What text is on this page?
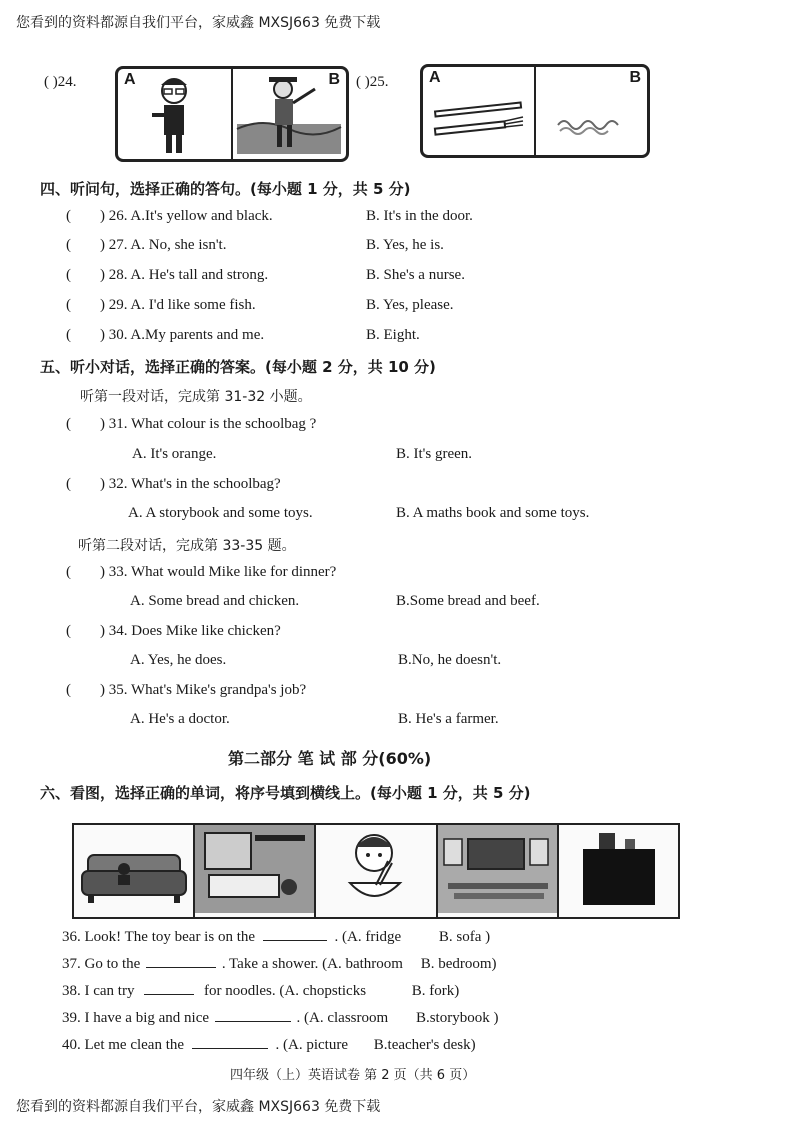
您看到的资料都源自我们平台，家威鑫 MXSJ663 免费下载
( )24.	A	B ( )25.	A	B
四、听问句，选择正确的答句。(每小题 1 分，共 5 分)
( ) 26. A.It's yellow and black.	B. It's in the door.
( ) 27. A. No, she isn't.	B. Yes, he is.
( ) 28. A. He's tall and strong.	B. She's a nurse.
( ) 29. A. I'd like some fish.	B. Yes, please.
( ) 30. A.My parents and me.	B. Eight.
五、听小对话，选择正确的答案。(每小题 2 分，共 10 分)
听第一段对话，完成第 31-32 小题。
( ) 31. What colour is the schoolbag ?
A. It's orange.	B. It's green.
( ) 32. What's in the schoolbag?
A. A storybook and some toys.	B. A maths book and some toys.
听第二段对话，完成第 33-35 题。
( ) 33. What would Mike like for dinner?
A. Some bread and chicken.	B.Some bread and beef.
( ) 34. Does Mike like chicken?
A. Yes, he does.	B.No, he doesn't.
( ) 35. What's Mike's grandpa's job?
A. He's a doctor.	B. He's a farmer.
第二部分 笔 试 部 分(60%)
六、看图，选择正确的单词，将序号填到横线上。(每小题 1 分，共 5 分)
36. Look! The toy bear is on the	. (A. fridge	B. sofa )
37. Go to the	. Take a shower. (A. bathroom B. bedroom)
38. I can try	for noodles. (A. chopsticks	B. fork)
39. I have a big and nice	. (A. classroom B.storybook )
40. Let me clean the	. (A. picture B.teacher's desk)
四年级（上）英语试卷 第 2 页（共 6 页）
您看到的资料都源自我们平台，家威鑫 MXSJ663 免费下载
